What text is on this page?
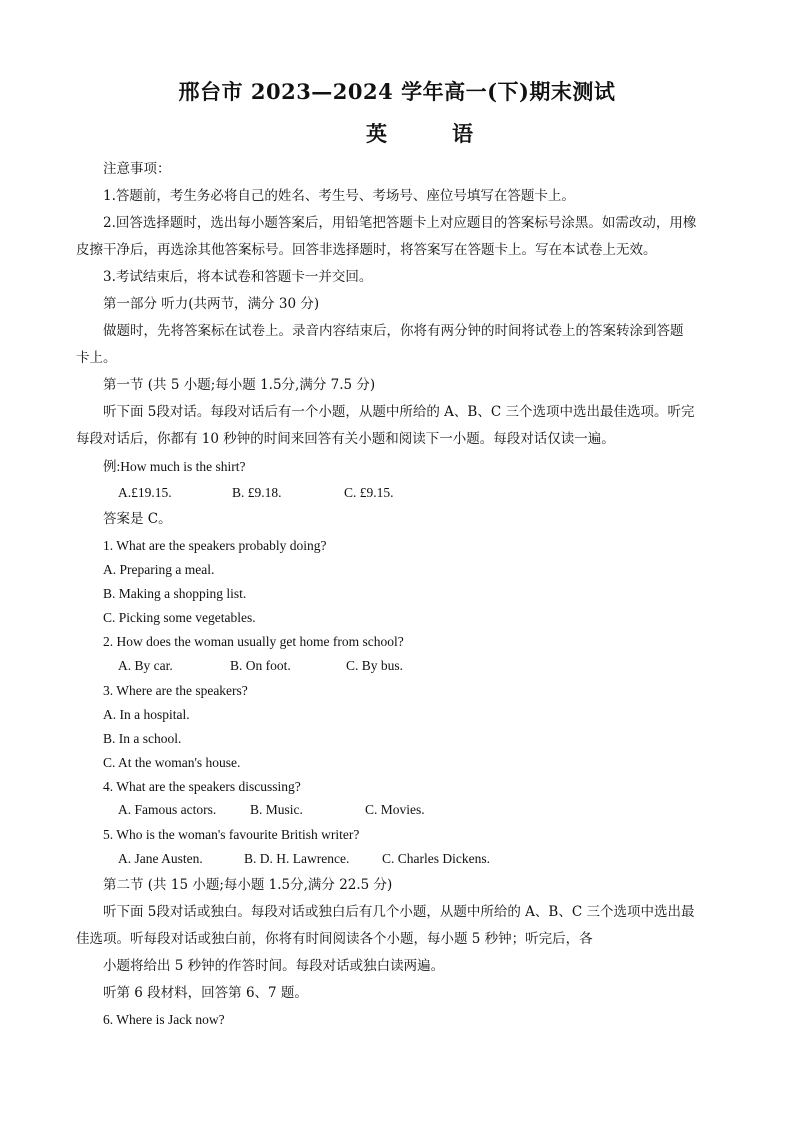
邢台市 2023—2024 学年高一(下)期末测试
英	语
注意事项：
1.答题前，考生务必将自己的姓名、考生号、考场号、座位号填写在答题卡上。
2.回答选择题时，选出每小题答案后，用铅笔把答题卡上对应题目的答案标号涂黑。如需改动，用橡
皮擦干净后，再选涂其他答案标号。回答非选择题时，将答案写在答题卡上。写在本试卷上无效。
3.考试结束后，将本试卷和答题卡一并交回。
第一部分 听力(共两节，满分 30 分)
做题时，先将答案标在试卷上。录音内容结束后，你将有两分钟的时间将试卷上的答案转涂到答题
卡上。
第一节 (共 5 小题;每小题 1.5分,满分 7.5 分)
听下面 5段对话。每段对话后有一个小题，从题中所给的 A、B、C 三个选项中选出最佳选项。听完
每段对话后，你都有 10 秒钟的时间来回答有关小题和阅读下一小题。每段对话仅读一遍。
例:How much is the shirt?
A.£19.15.	B. £9.18.	C. £9.15.
答案是 C。
1. What are the speakers probably doing?
A. Preparing a meal.
B. Making a shopping list.
C. Picking some vegetables.
2. How does the woman usually get home from school?
A. By car.	B. On foot.	C. By bus.
3. Where are the speakers?
A. In a hospital.
B. In a school.
C. At the woman's house.
4. What are the speakers discussing?
A. Famous actors.	B. Music.	C. Movies.
5. Who is the woman's favourite British writer?
A. Jane Austen.	B. D. H. Lawrence. C. Charles Dickens.
第二节 (共 15 小题;每小题 1.5分,满分 22.5 分)
听下面 5段对话或独白。每段对话或独白后有几个小题，从题中所给的 A、B、C 三个选项中选出最
佳选项。听每段对话或独白前，你将有时间阅读各个小题，每小题 5 秒钟；听完后，各
小题将给出 5 秒钟的作答时间。每段对话或独白读两遍。
听第 6 段材料，回答第 6、7 题。
6. Where is Jack now?
